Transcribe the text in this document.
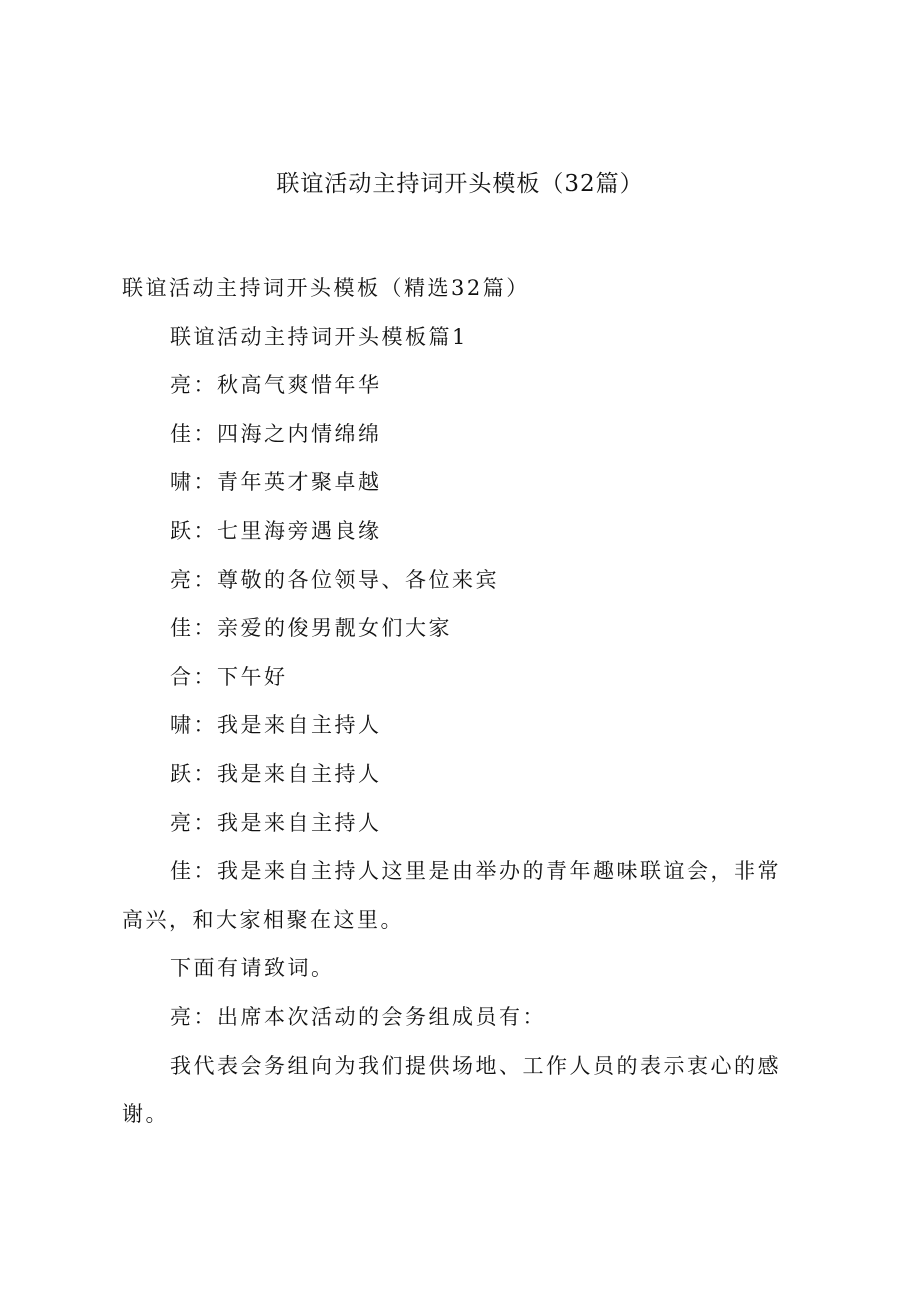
联谊活动主持词开头模板（32篇）

联谊活动主持词开头模板（精选32篇）

联谊活动主持词开头模板篇1

亮：秋高气爽惜年华

佳：四海之内情绵绵

啸：青年英才聚卓越

跃：七里海旁遇良缘

亮：尊敬的各位领导、各位来宾

佳：亲爱的俊男靓女们大家

合：下午好

啸：我是来自主持人

跃：我是来自主持人

亮：我是来自主持人

佳：我是来自主持人这里是由举办的青年趣味联谊会，非常高兴，和大家相聚在这里。

下面有请致词。

亮：出席本次活动的会务组成员有：

我代表会务组向为我们提供场地、工作人员的表示衷心的感谢。
